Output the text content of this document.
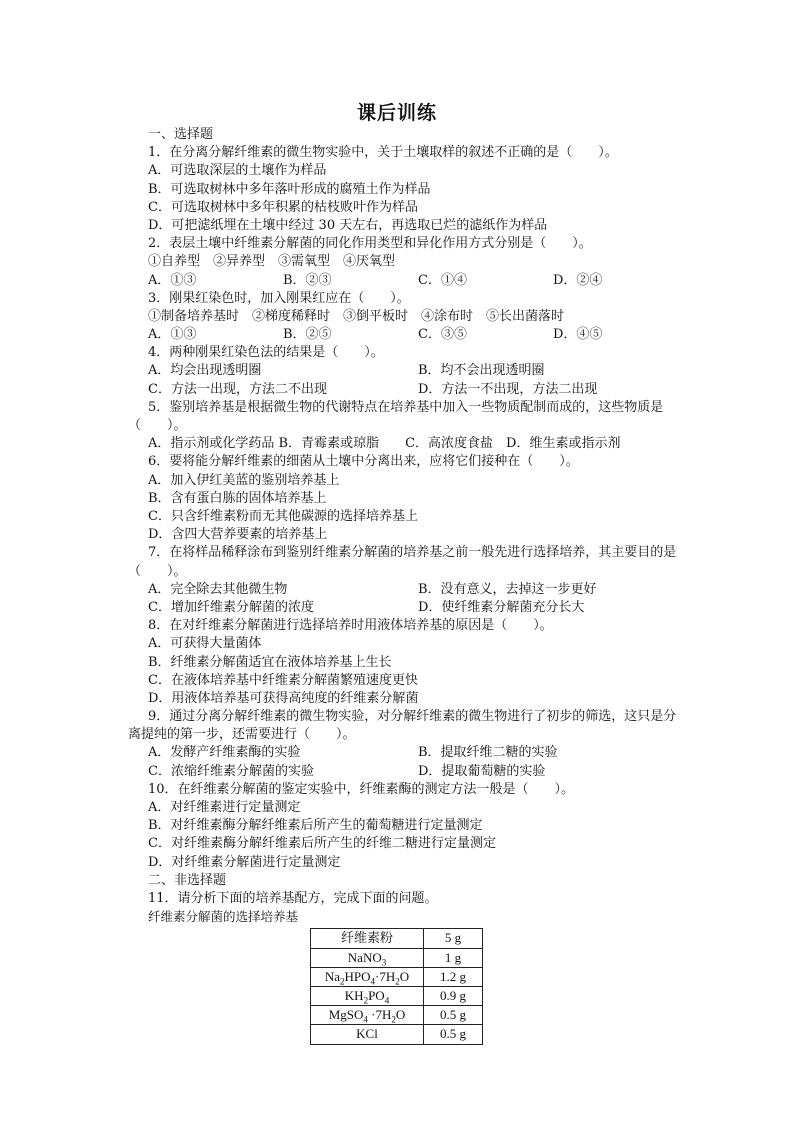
课后训练
一、选择题
1．在分离分解纤维素的微生物实验中，关于土壤取样的叙述不正确的是（　　）。
A．可选取深层的土壤作为样品
B．可选取树林中多年落叶形成的腐殖土作为样品
C．可选取树林中多年积累的枯枝败叶作为样品
D．可把滤纸埋在土壤中经过 30 天左右，再选取已烂的滤纸作为样品
2．表层土壤中纤维素分解菌的同化作用类型和异化作用方式分别是（　　）。
①自养型　②异养型　③需氧型　④厌氧型
A．①③	B．②③	C．①④	D．②④
3．刚果红染色时，加入刚果红应在（　　）。
①制备培养基时　②梯度稀释时　③倒平板时　④涂布时　⑤长出菌落时
A．①③	B．②⑤	C．③⑤	D．④⑤
4．两种刚果红染色法的结果是（　　）。
A．均会出现透明圈	B．均不会出现透明圈
C．方法一出现，方法二不出现	D．方法一不出现，方法二出现
5．鉴别培养基是根据微生物的代谢特点在培养基中加入一些物质配制而成的，这些物质是（　　）。
A．指示剂或化学药品 B．青霉素或琼脂　　C．高浓度食盐　D．维生素或指示剂
6．要将能分解纤维素的细菌从土壤中分离出来，应将它们接种在（　　）。
A．加入伊红美蓝的鉴别培养基上
B．含有蛋白胨的固体培养基上
C．只含纤维素粉而无其他碳源的选择培养基上
D．含四大营养要素的培养基上
7．在将样品稀释涂布到鉴别纤维素分解菌的培养基之前一般先进行选择培养，其主要目的是（　　）。
A．完全除去其他微生物	B．没有意义，去掉这一步更好
C．增加纤维素分解菌的浓度	D．使纤维素分解菌充分长大
8．在对纤维素分解菌进行选择培养时用液体培养基的原因是（　　）。
A．可获得大量菌体
B．纤维素分解菌适宜在液体培养基上生长
C．在液体培养基中纤维素分解菌繁殖速度更快
D．用液体培养基可获得高纯度的纤维素分解菌
9．通过分离分解纤维素的微生物实验，对分解纤维素的微生物进行了初步的筛选，这只是分离提纯的第一步，还需要进行（　　）。
A．发酵产纤维素酶的实验	B．提取纤维二糖的实验
C．浓缩纤维素分解菌的实验	D．提取葡萄糖的实验
10．在纤维素分解菌的鉴定实验中，纤维素酶的测定方法一般是（　　）。
A．对纤维素进行定量测定
B．对纤维素酶分解纤维素后所产生的葡萄糖进行定量测定
C．对纤维素酶分解纤维素后所产生的纤维二糖进行定量测定
D．对纤维素分解菌进行定量测定
二、非选择题
11．请分析下面的培养基配方，完成下面的问题。
纤维素分解菌的选择培养基
纤维素粉	5 g
NaNO$_3$	1 g
$Na_2HPO_4\cdot 7H_2O$	1.2 g
$KH_2PO_4$	0.9 g
MgSO$_4$ $\cdot 7H_2O$	0.5 g
KCl	0.5 g
